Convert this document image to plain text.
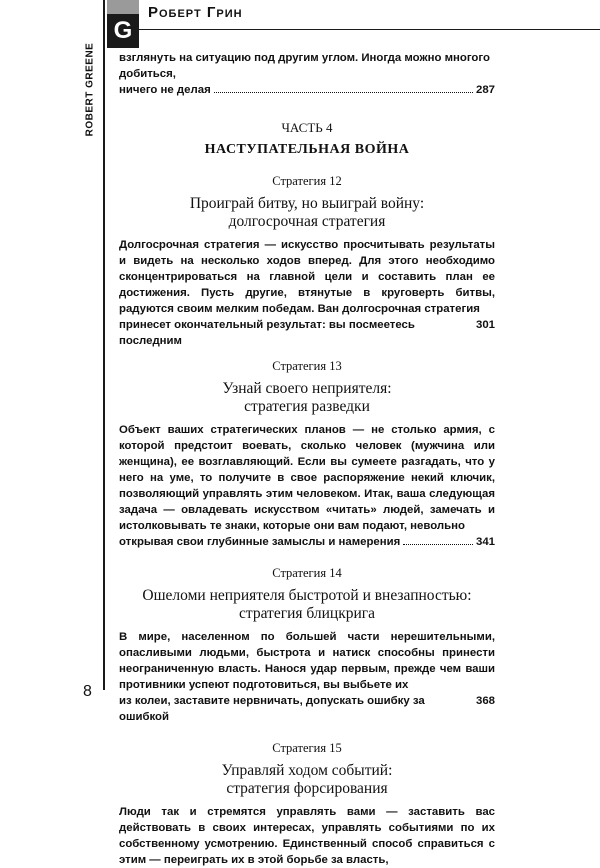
G
Роберт Грин
ROBERT GREENE взглянуть на ситуацию под другим углом. Иногда можно многого добиться,

ничего не делая	287

ЧАСТЬ 4

НАСТУПАТЕЛЬНАЯ ВОЙНА

Стратегия 12

Проиграй битву, но выиграй войну:

долгосрочная стратегия

Долгосрочная стратегия — искусство просчитывать результаты и видеть на несколько ходов вперед. Для этого необходимо сконцентрироваться на главной цели и составить план ее достижения. Пусть другие, втянутые в круговерть битвы, радуются своим мелким победам. Ван долгосрочная стратегия

принесет окончательный результат: вы посмеетесь последним
301

Стратегия 13

Узнай своего неприятеля:

стратегия разведки

Объект ваших стратегических планов — не столько армия, с которой предстоит воевать, сколько человек (мужчина или женщина), ее возглавляющий. Если вы сумеете разгадать, что у него на уме, то получите в свое распоряжение некий ключик, позволяющий управлять этим человеком. Итак, ваша следующая задача — овладевать искусством «читать» людей, замечать и истолковывать те знаки, которые они вам подают, невольно

открывая свои глубинные замыслы и намерения	341

Стратегия 14

Ошеломи неприятеля быстротой и внезапностью:

стратегия блицкрига

В мире, населенном по большей части нерешительными, опасливыми людьми, быстрота и натиск способны принести неограниченную власть. Нанося удар первым, прежде чем ваши противники успеют подготовиться, вы выбьете их

из колеи, заставите нервничать, допускать ошибку за ошибкой
368

Стратегия 15

Управляй ходом событий:

стратегия форсирования

Люди так и стремятся управлять вами — заставить вас действовать в своих интересах, управлять событиями по их собственному усмотрению. Единственный способ справиться с этим — переиграть их в этой борьбе за власть,

8
